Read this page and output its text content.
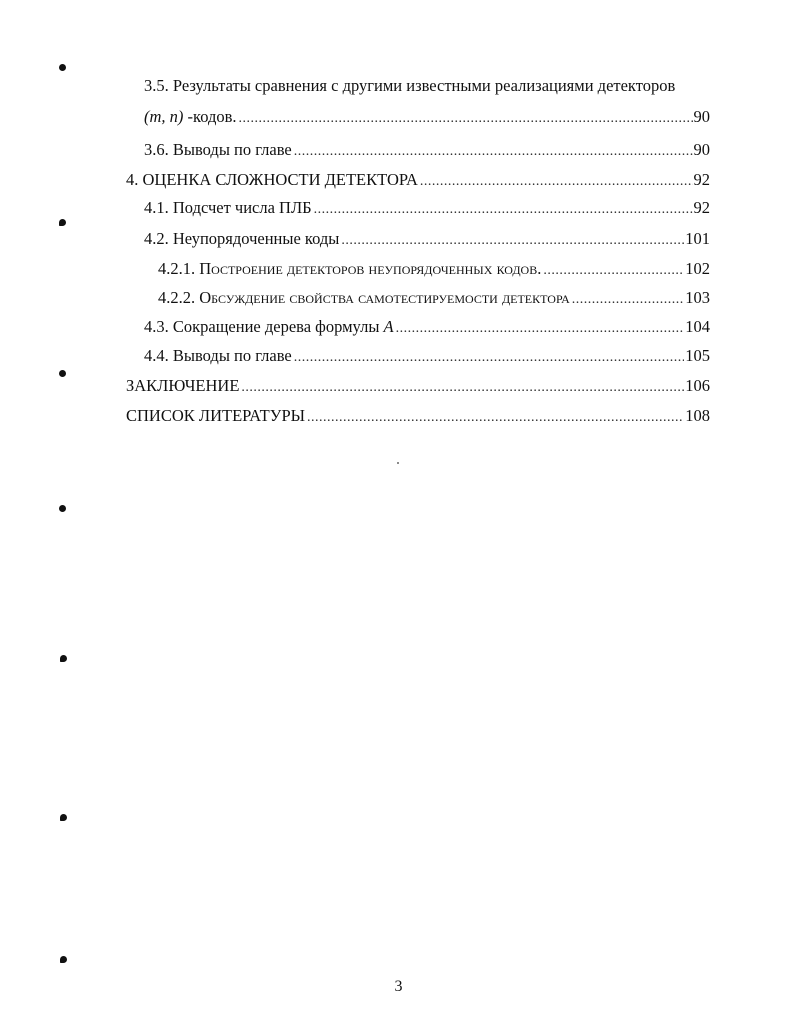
3.5. Результаты сравнения с другими известными реализациями детекторов
(m, n) -кодов. .....	90
3.6. Выводы по главе .....	90
4. ОЦЕНКА СЛОЖНОСТИ ДЕТЕКТОРА .....	92
4.1. Подсчет числа ПЛБ .....	92
4.2. Неупорядоченные коды .....	101
4.2.1. Построение детекторов неупорядоченных кодов. .....	102
4.2.2. Обсуждение свойства самотестируемости детектора .....	103
4.3. Сокращение дерева формулы A .....	104
4.4. Выводы по главе .....	105
ЗАКЛЮЧЕНИЕ .....	106
СПИСОК ЛИТЕРАТУРЫ .....	108
3
